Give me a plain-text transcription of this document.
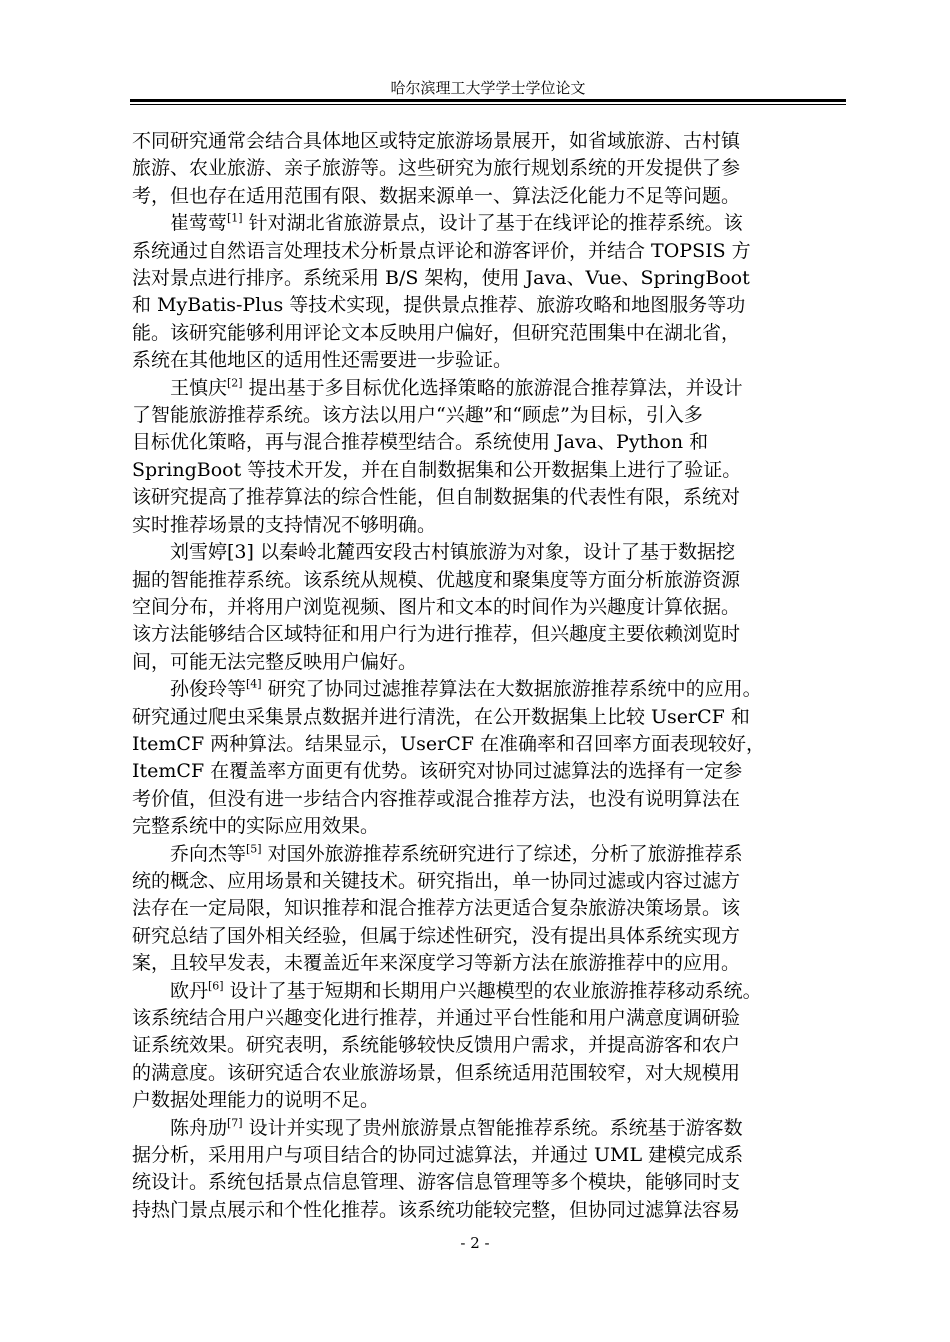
哈尔滨理工大学学士学位论文
不同研究通常会结合具体地区或特定旅游场景展开，如省域旅游、古村镇
旅游、农业旅游、亲子旅游等。这些研究为旅行规划系统的开发提供了参
考，但也存在适用范围有限、数据来源单一、算法泛化能力不足等问题。
崔莺莺[1] 针对湖北省旅游景点，设计了基于在线评论的推荐系统。该
系统通过自然语言处理技术分析景点评论和游客评价，并结合 TOPSIS 方
法对景点进行排序。系统采用 B/S 架构，使用 Java、Vue、SpringBoot
和 MyBatis-Plus 等技术实现，提供景点推荐、旅游攻略和地图服务等功
能。该研究能够利用评论文本反映用户偏好，但研究范围集中在湖北省，
系统在其他地区的适用性还需要进一步验证。
王慎庆[2] 提出基于多目标优化选择策略的旅游混合推荐算法，并设计
了智能旅游推荐系统。该方法以用户“兴趣”和“顾虑”为目标，引入多
目标优化策略，再与混合推荐模型结合。系统使用 Java、Python 和
SpringBoot 等技术开发，并在自制数据集和公开数据集上进行了验证。
该研究提高了推荐算法的综合性能，但自制数据集的代表性有限，系统对
实时推荐场景的支持情况不够明确。
刘雪婷[3] 以秦岭北麓西安段古村镇旅游为对象，设计了基于数据挖
掘的智能推荐系统。该系统从规模、优越度和聚集度等方面分析旅游资源
空间分布，并将用户浏览视频、图片和文本的时间作为兴趣度计算依据。
该方法能够结合区域特征和用户行为进行推荐，但兴趣度主要依赖浏览时
间，可能无法完整反映用户偏好。
孙俊玲等[4] 研究了协同过滤推荐算法在大数据旅游推荐系统中的应用。
研究通过爬虫采集景点数据并进行清洗，在公开数据集上比较 UserCF 和
ItemCF 两种算法。结果显示，UserCF 在准确率和召回率方面表现较好，
ItemCF 在覆盖率方面更有优势。该研究对协同过滤算法的选择有一定参
考价值，但没有进一步结合内容推荐或混合推荐方法，也没有说明算法在
完整系统中的实际应用效果。
乔向杰等[5] 对国外旅游推荐系统研究进行了综述，分析了旅游推荐系
统的概念、应用场景和关键技术。研究指出，单一协同过滤或内容过滤方
法存在一定局限，知识推荐和混合推荐方法更适合复杂旅游决策场景。该
研究总结了国外相关经验，但属于综述性研究，没有提出具体系统实现方
案，且较早发表，未覆盖近年来深度学习等新方法在旅游推荐中的应用。
欧丹[6] 设计了基于短期和长期用户兴趣模型的农业旅游推荐移动系统。
该系统结合用户兴趣变化进行推荐，并通过平台性能和用户满意度调研验
证系统效果。研究表明，系统能够较快反馈用户需求，并提高游客和农户
的满意度。该研究适合农业旅游场景，但系统适用范围较窄，对大规模用
户数据处理能力的说明不足。
陈舟劢[7] 设计并实现了贵州旅游景点智能推荐系统。系统基于游客数
据分析，采用用户与项目结合的协同过滤算法，并通过 UML 建模完成系
统设计。系统包括景点信息管理、游客信息管理等多个模块，能够同时支
持热门景点展示和个性化推荐。该系统功能较完整，但协同过滤算法容易
- 2 -
